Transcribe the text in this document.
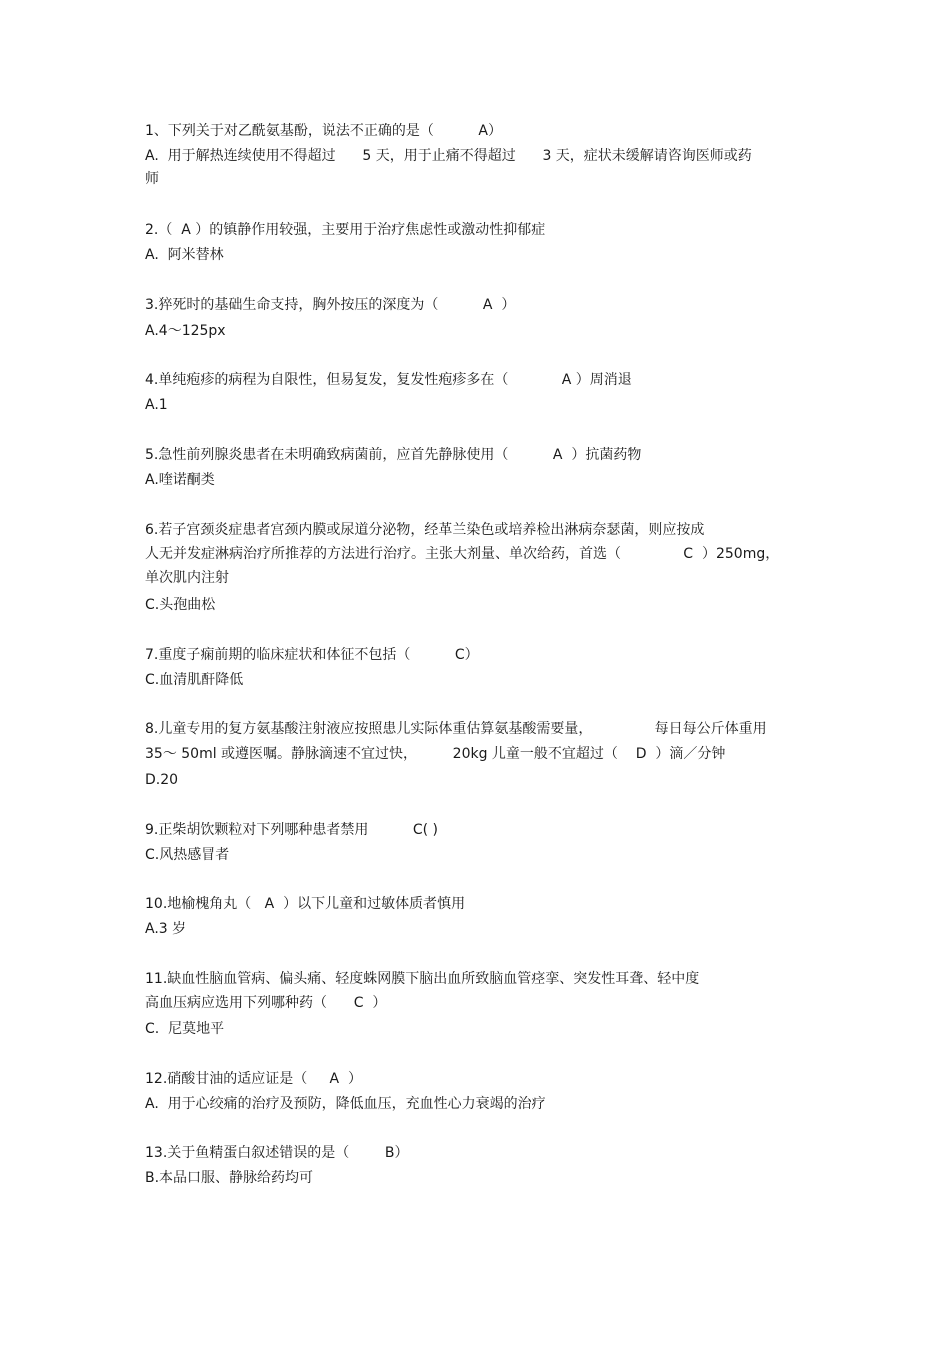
1、下列关于对乙酰氨基酚，说法不正确的是（          A）
A.  用于解热连续使用不得超过      5 天，用于止痛不得超过      3 天，症状未缓解请咨询医师或药
师
2.（  A ）的镇静作用较强，主要用于治疗焦虑性或激动性抑郁症
A.  阿米替林
3.猝死时的基础生命支持，胸外按压的深度为（          A  ）
A.4～125px
4.单纯疱疹的病程为自限性，但易复发，复发性疱疹多在（            A ）周消退
A.1
5.急性前列腺炎患者在未明确致病菌前，应首先静脉使用（          A  ）抗菌药物
A.喹诺酮类
6.若子宫颈炎症患者宫颈内膜或尿道分泌物，经革兰染色或培养检出淋病奈瑟菌，则应按成
人无并发症淋病治疗所推荐的方法进行治疗。主张大剂量、单次给药，首选（              C  ）250mg，
单次肌内注射
C.头孢曲松
7.重度子痫前期的临床症状和体征不包括（          C）
C.血清肌酐降低
8.儿童专用的复方氨基酸注射液应按照患儿实际体重估算氨基酸需要量，              每日每公斤体重用
35～ 50ml 或遵医嘱。静脉滴速不宜过快，        20kg 儿童一般不宜超过（    D  ）滴／分钟
D.20
9.正柴胡饮颗粒对下列哪种患者禁用          C( )
C.风热感冒者
10.地榆槐角丸（   A  ）以下儿童和过敏体质者慎用
A.3 岁
11.缺血性脑血管病、偏头痛、轻度蛛网膜下脑出血所致脑血管痉挛、突发性耳聋、轻中度
高血压病应选用下列哪种药（      C  ）
C.  尼莫地平
12.硝酸甘油的适应证是（     A  ）
A.  用于心绞痛的治疗及预防，降低血压，充血性心力衰竭的治疗
13.关于鱼精蛋白叙述错误的是（        B）
B.本品口服、静脉给药均可
